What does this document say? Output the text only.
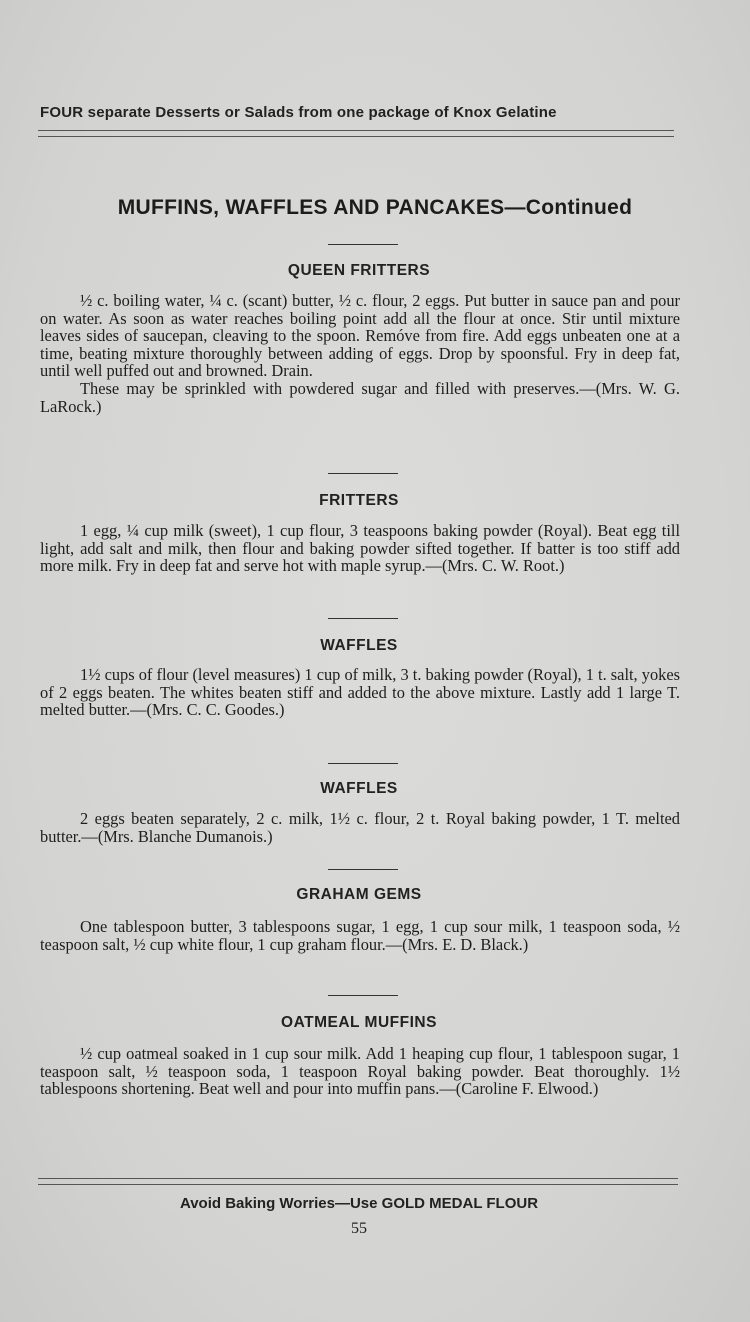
FOUR separate Desserts or Salads from one package of Knox Gelatine
MUFFINS, WAFFLES AND PANCAKES—Continued
QUEEN FRITTERS

½ c. boiling water, ¼ c. (scant) butter, ½ c. flour, 2 eggs. Put butter in sauce pan and pour on water. As soon as water reaches boiling point add all the flour at once. Stir until mixture leaves sides of saucepan, cleaving to the spoon. Remóve from fire. Add eggs unbeaten one at a time, beating mixture thoroughly between adding of eggs. Drop by spoonsful. Fry in deep fat, until well puffed out and browned. Drain.

These may be sprinkled with powdered sugar and filled with preserves.—(Mrs. W. G. LaRock.)

FRITTERS

1 egg, ¼ cup milk (sweet), 1 cup flour, 3 teaspoons baking powder (Royal). Beat egg till light, add salt and milk, then flour and baking powder sifted together. If batter is too stiff add more milk. Fry in deep fat and serve hot with maple syrup.—(Mrs. C. W. Root.)

WAFFLES

1½ cups of flour (level measures) 1 cup of milk, 3 t. baking powder (Royal), 1 t. salt, yokes of 2 eggs beaten. The whites beaten stiff and added to the above mixture. Lastly add 1 large T. melted butter.—(Mrs. C. C. Goodes.)

WAFFLES

2 eggs beaten separately, 2 c. milk, 1½ c. flour, 2 t. Royal baking powder, 1 T. melted butter.—(Mrs. Blanche Dumanois.)

GRAHAM GEMS

One tablespoon butter, 3 tablespoons sugar, 1 egg, 1 cup sour milk, 1 teaspoon soda, ½ teaspoon salt, ½ cup white flour, 1 cup graham flour.—(Mrs. E. D. Black.)

OATMEAL MUFFINS

½ cup oatmeal soaked in 1 cup sour milk. Add 1 heaping cup flour, 1 tablespoon sugar, 1 teaspoon salt, ½ teaspoon soda, 1 teaspoon Royal baking powder. Beat thoroughly. 1½ tablespoons shortening. Beat well and pour into muffin pans.—(Caroline F. Elwood.)

Avoid Baking Worries—Use GOLD MEDAL FLOUR
55
